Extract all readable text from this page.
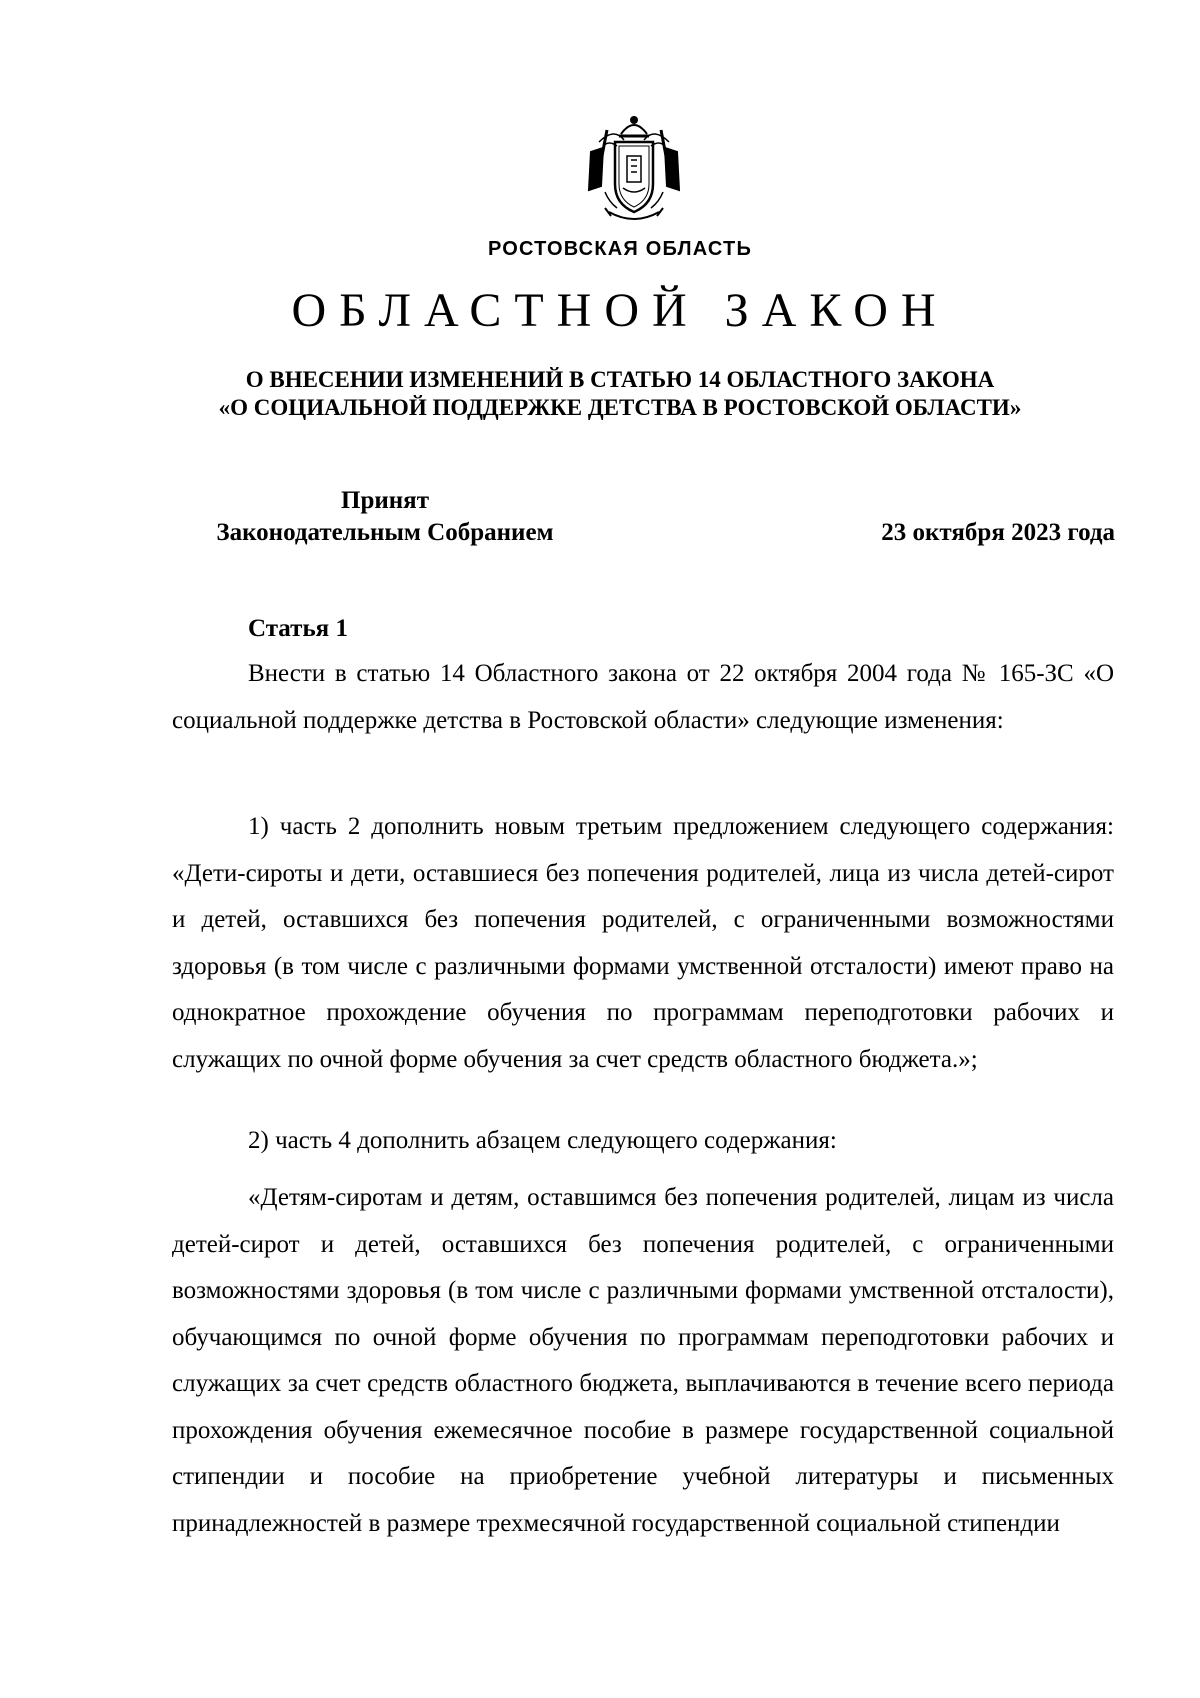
РОСТОВСКАЯ ОБЛАСТЬ
ОБЛАСТНОЙ ЗАКОН
О ВНЕСЕНИИ ИЗМЕНЕНИЙ В СТАТЬЮ 14 ОБЛАСТНОГО ЗАКОНА
«О СОЦИАЛЬНОЙ ПОДДЕРЖКЕ ДЕТСТВА В РОСТОВСКОЙ ОБЛАСТИ»
Принят
Законодательным Собранием	23 октября 2023 года
Статья 1

Внести в статью 14 Областного закона от 22 октября 2004 года № 165-ЗС «О социальной поддержке детства в Ростовской области» следующие изменения:

1) часть 2 дополнить новым третьим предложением следующего содержания: «Дети-сироты и дети, оставшиеся без попечения родителей, лица из числа детей-сирот и детей, оставшихся без попечения родителей, с ограниченными возможностями здоровья (в том числе с различными формами умственной отсталости) имеют право на однократное прохождение обучения по программам переподготовки рабочих и служащих по очной форме обучения за счет средств областного бюджета.»;

2) часть 4 дополнить абзацем следующего содержания:

«Детям-сиротам и детям, оставшимся без попечения родителей, лицам из числа детей-сирот и детей, оставшихся без попечения родителей, с ограниченными возможностями здоровья (в том числе с различными формами умственной отсталости), обучающимся по очной форме обучения по программам переподготовки рабочих и служащих за счет средств областного бюджета, выплачиваются в течение всего периода прохождения обучения ежемесячное пособие в размере государственной социальной стипендии и пособие на приобретение учебной литературы и письменных принадлежностей в размере трехмесячной государственной социальной стипендии
